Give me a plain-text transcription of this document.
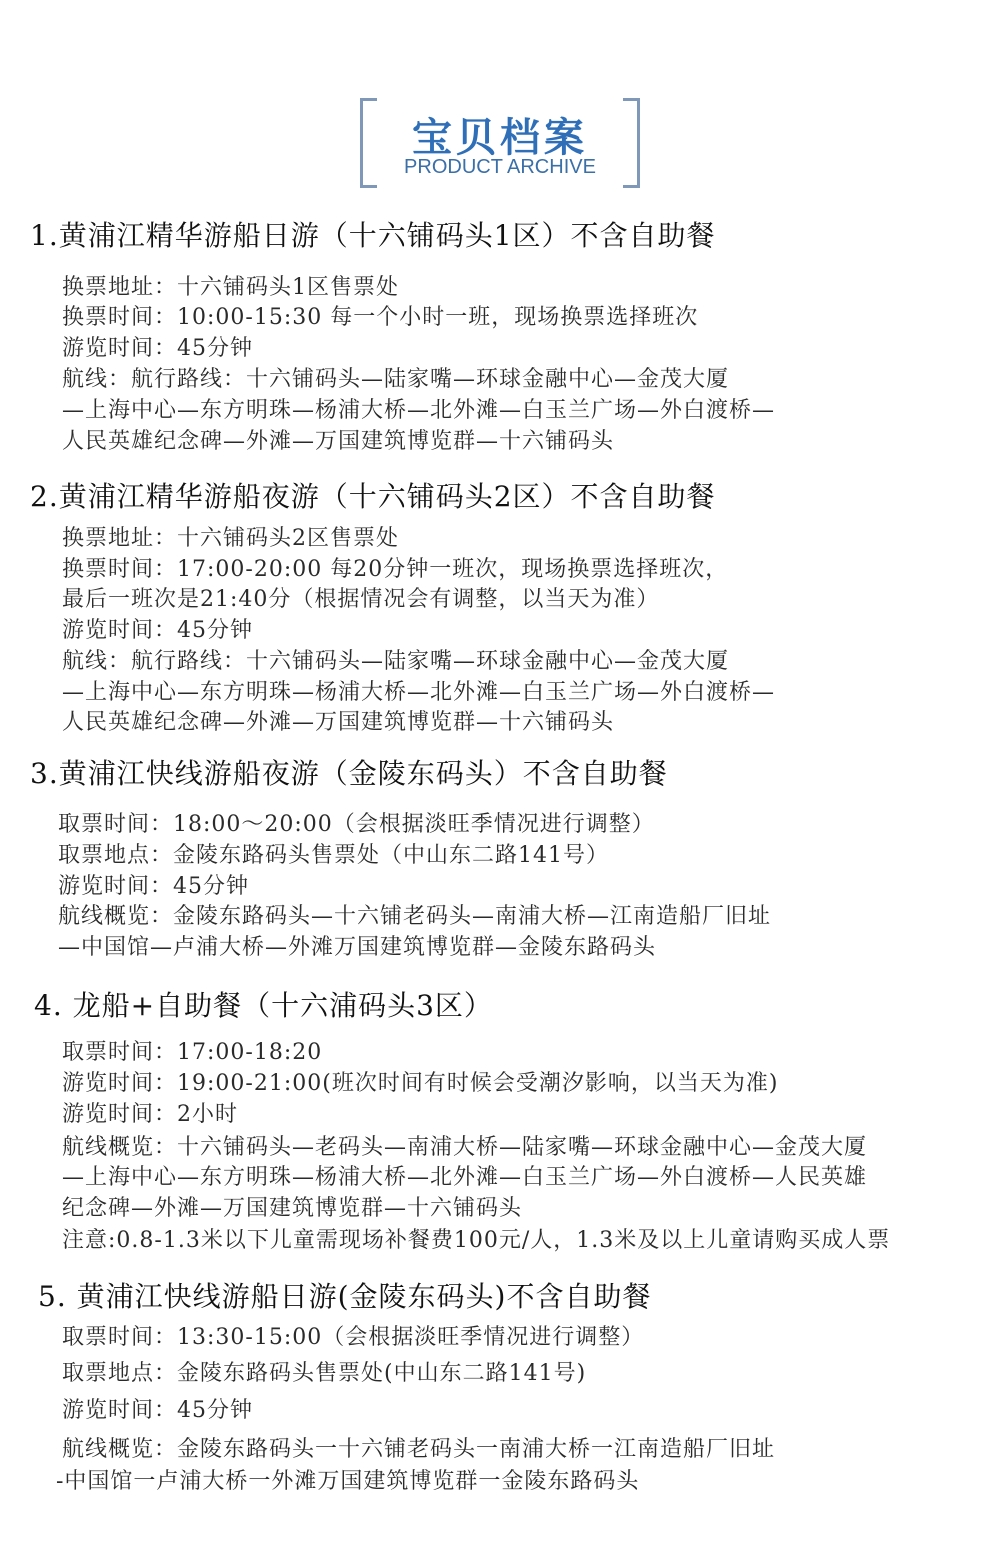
宝贝档案
PRODUCT ARCHIVE
1.黄浦江精华游船日游（十六铺码头1区）不含自助餐
换票地址：十六铺码头1区售票处
换票时间：10:00-15:30 每一个小时一班，现场换票选择班次
游览时间：45分钟
航线：航行路线：十六铺码头—陆家嘴—环球金融中心—金茂大厦
—上海中心—东方明珠—杨浦大桥—北外滩—白玉兰广场—外白渡桥—
人民英雄纪念碑—外滩—万国建筑博览群—十六铺码头
2.黄浦江精华游船夜游（十六铺码头2区）不含自助餐
换票地址：十六铺码头2区售票处
换票时间：17:00-20:00 每20分钟一班次，现场换票选择班次，
最后一班次是21:40分（根据情况会有调整，以当天为准）
游览时间：45分钟
航线：航行路线：十六铺码头—陆家嘴—环球金融中心—金茂大厦
—上海中心—东方明珠—杨浦大桥—北外滩—白玉兰广场—外白渡桥—
人民英雄纪念碑—外滩—万国建筑博览群—十六铺码头
3.黄浦江快线游船夜游（金陵东码头）不含自助餐
取票时间：18:00～20:00（会根据淡旺季情况进行调整）
取票地点：金陵东路码头售票处（中山东二路141号）
游览时间：45分钟
航线概览：金陵东路码头—十六铺老码头—南浦大桥—江南造船厂旧址
—中国馆—卢浦大桥—外滩万国建筑博览群—金陵东路码头
4. 龙船+自助餐（十六浦码头3区）
取票时间：17:00-18:20
游览时间：19:00-21:00(班次时间有时候会受潮汐影响，以当天为准)
游览时间：2小时
航线概览：十六铺码头—老码头—南浦大桥—陆家嘴—环球金融中心—金茂大厦
—上海中心—东方明珠—杨浦大桥—北外滩—白玉兰广场—外白渡桥—人民英雄
纪念碑—外滩—万国建筑博览群—十六铺码头
注意:0.8-1.3米以下儿童需现场补餐费100元/人，1.3米及以上儿童请购买成人票
5. 黄浦江快线游船日游(金陵东码头)不含自助餐
取票时间：13:30-15:00（会根据淡旺季情况进行调整）
取票地点：金陵东路码头售票处(中山东二路141号)
游览时间：45分钟
航线概览：金陵东路码头一十六铺老码头一南浦大桥一江南造船厂旧址
-中国馆一卢浦大桥一外滩万国建筑博览群一金陵东路码头
